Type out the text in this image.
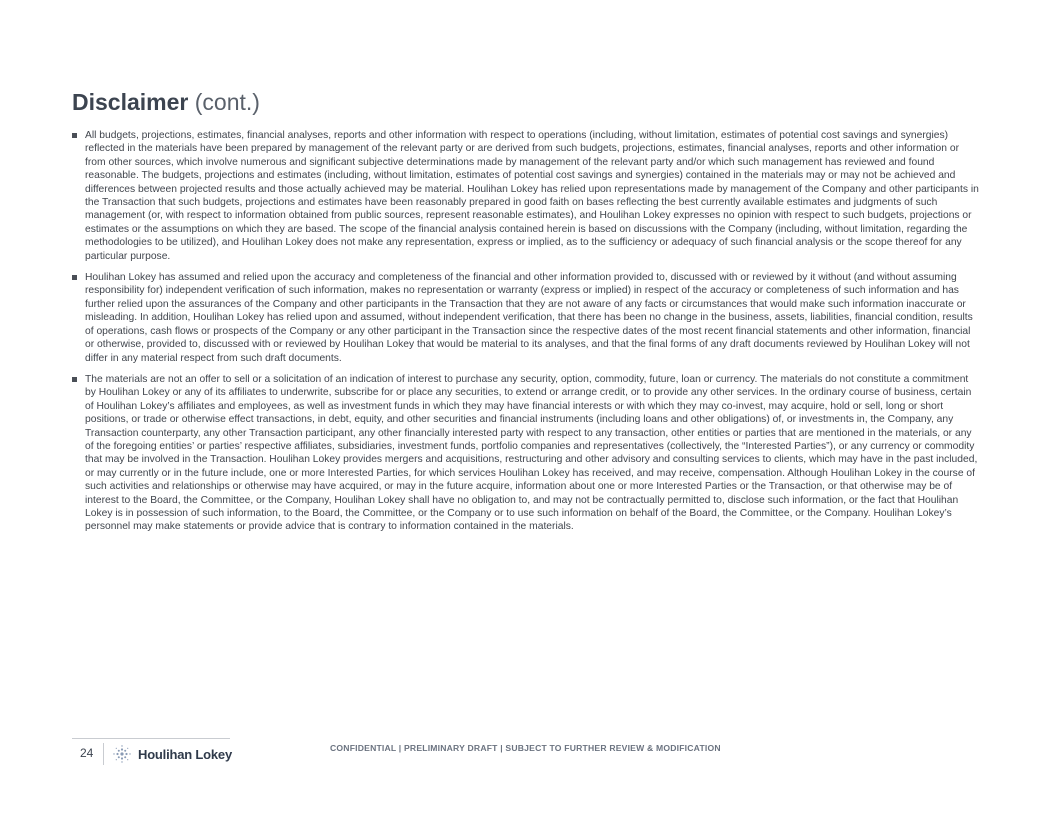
Disclaimer (cont.)
All budgets, projections, estimates, financial analyses, reports and other information with respect to operations (including, without limitation, estimates of potential cost savings and synergies) reflected in the materials have been prepared by management of the relevant party or are derived from such budgets, projections, estimates, financial analyses, reports and other information or from other sources, which involve numerous and significant subjective determinations made by management of the relevant party and/or which such management has reviewed and found reasonable. The budgets, projections and estimates (including, without limitation, estimates of potential cost savings and synergies) contained in the materials may or may not be achieved and differences between projected results and those actually achieved may be material. Houlihan Lokey has relied upon representations made by management of the Company and other participants in the Transaction that such budgets, projections and estimates have been reasonably prepared in good faith on bases reflecting the best currently available estimates and judgments of such management (or, with respect to information obtained from public sources, represent reasonable estimates), and Houlihan Lokey expresses no opinion with respect to such budgets, projections or estimates or the assumptions on which they are based. The scope of the financial analysis contained herein is based on discussions with the Company (including, without limitation, regarding the methodologies to be utilized), and Houlihan Lokey does not make any representation, express or implied, as to the sufficiency or adequacy of such financial analysis or the scope thereof for any particular purpose.
Houlihan Lokey has assumed and relied upon the accuracy and completeness of the financial and other information provided to, discussed with or reviewed by it without (and without assuming responsibility for) independent verification of such information, makes no representation or warranty (express or implied) in respect of the accuracy or completeness of such information and has further relied upon the assurances of the Company and other participants in the Transaction that they are not aware of any facts or circumstances that would make such information inaccurate or misleading. In addition, Houlihan Lokey has relied upon and assumed, without independent verification, that there has been no change in the business, assets, liabilities, financial condition, results of operations, cash flows or prospects of the Company or any other participant in the Transaction since the respective dates of the most recent financial statements and other information, financial or otherwise, provided to, discussed with or reviewed by Houlihan Lokey that would be material to its analyses, and that the final forms of any draft documents reviewed by Houlihan Lokey will not differ in any material respect from such draft documents.
The materials are not an offer to sell or a solicitation of an indication of interest to purchase any security, option, commodity, future, loan or currency. The materials do not constitute a commitment by Houlihan Lokey or any of its affiliates to underwrite, subscribe for or place any securities, to extend or arrange credit, or to provide any other services. In the ordinary course of business, certain of Houlihan Lokey’s affiliates and employees, as well as investment funds in which they may have financial interests or with which they may co-invest, may acquire, hold or sell, long or short positions, or trade or otherwise effect transactions, in debt, equity, and other securities and financial instruments (including loans and other obligations) of, or investments in, the Company, any Transaction counterparty, any other Transaction participant, any other financially interested party with respect to any transaction, other entities or parties that are mentioned in the materials, or any of the foregoing entities’ or parties’ respective affiliates, subsidiaries, investment funds, portfolio companies and representatives (collectively, the “Interested Parties”), or any currency or commodity that may be involved in the Transaction. Houlihan Lokey provides mergers and acquisitions, restructuring and other advisory and consulting services to clients, which may have in the past included, or may currently or in the future include, one or more Interested Parties, for which services Houlihan Lokey has received, and may receive, compensation. Although Houlihan Lokey in the course of such activities and relationships or otherwise may have acquired, or may in the future acquire, information about one or more Interested Parties or the Transaction, or that otherwise may be of interest to the Board, the Committee, or the Company, Houlihan Lokey shall have no obligation to, and may not be contractually permitted to, disclose such information, or the fact that Houlihan Lokey is in possession of such information, to the Board, the Committee, or the Company or to use such information on behalf of the Board, the Committee, or the Company. Houlihan Lokey’s personnel may make statements or provide advice that is contrary to information contained in the materials.
24	Houlihan Lokey	CONFIDENTIAL | PRELIMINARY DRAFT | SUBJECT TO FURTHER REVIEW & MODIFICATION
